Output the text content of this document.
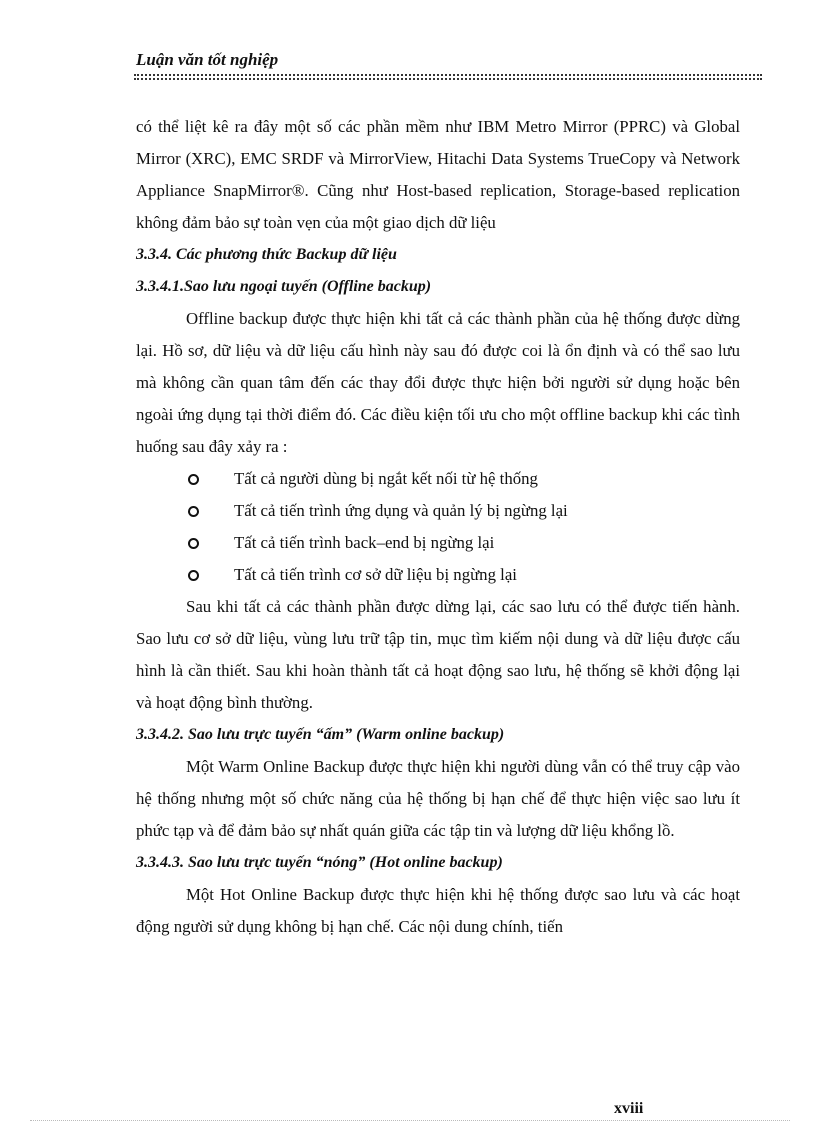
Luận văn tốt nghiệp

có thể liệt kê ra đây một số các phần mềm như IBM Metro Mirror (PPRC) và Global Mirror (XRC), EMC SRDF và MirrorView, Hitachi Data Systems TrueCopy và Network Appliance SnapMirror®. Cũng như Host-based replication, Storage-based replication không đảm bảo sự toàn vẹn của một giao dịch dữ liệu

3.3.4. Các phương thức Backup dữ liệu

3.3.4.1.Sao lưu ngoại tuyến (Offline backup)

Offline backup được thực hiện khi tất cả các thành phần của hệ thống được dừng lại. Hồ sơ, dữ liệu và dữ liệu cấu hình này sau đó được coi là ổn định và có thể sao lưu mà không cần quan tâm đến các thay đổi được thực hiện bởi người sử dụng hoặc bên ngoài ứng dụng tại thời điểm đó. Các điều kiện tối ưu cho một offline backup khi các tình huống sau đây xảy ra :

Tất cả người dùng bị ngắt kết nối từ hệ thống
Tất cả tiến trình ứng dụng và quản lý bị ngừng lại
Tất cả tiến trình back–end bị ngừng lại
Tất cả tiến trình cơ sở dữ liệu bị ngừng lại

Sau khi tất cả các thành phần được dừng lại, các sao lưu có thể được tiến hành. Sao lưu cơ sở dữ liệu, vùng lưu trữ tập tin, mục tìm kiếm nội dung và dữ liệu được cấu hình là cần thiết. Sau khi hoàn thành tất cả hoạt động sao lưu, hệ thống sẽ khởi động lại và hoạt động bình thường.

3.3.4.2. Sao lưu trực tuyến “ấm” (Warm online backup)

Một Warm Online Backup được thực hiện khi người dùng vẫn có thể truy cập vào hệ thống nhưng một số chức năng của hệ thống bị hạn chế để thực hiện việc sao lưu ít phức tạp và để đảm bảo sự nhất quán giữa các tập tin và lượng dữ liệu khổng lồ.

3.3.4.3. Sao lưu trực tuyến “nóng” (Hot online backup)

Một Hot Online Backup được thực hiện khi hệ thống được sao lưu và các hoạt động người sử dụng không bị hạn chế. Các nội dung chính, tiến

xviii
